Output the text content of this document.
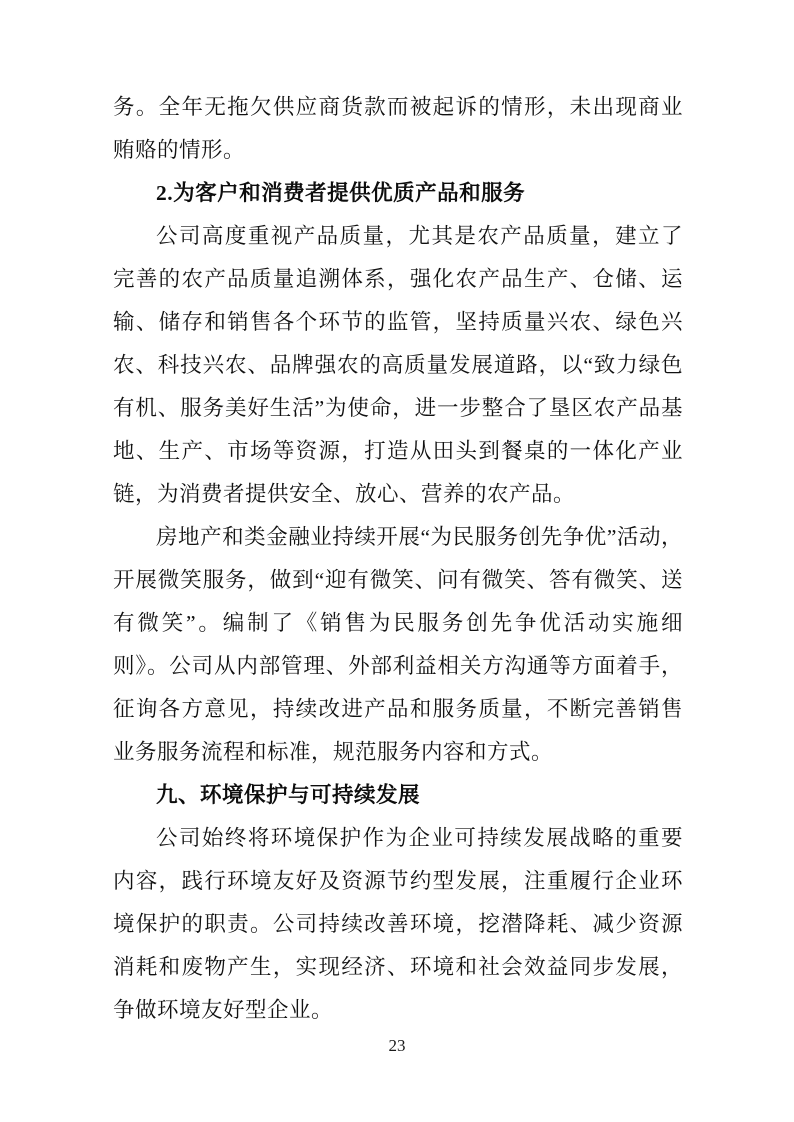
务。全年无拖欠供应商货款而被起诉的情形，未出现商业贿赂的情形。

2.为客户和消费者提供优质产品和服务

公司高度重视产品质量，尤其是农产品质量，建立了完善的农产品质量追溯体系，强化农产品生产、仓储、运输、储存和销售各个环节的监管，坚持质量兴农、绿色兴农、科技兴农、品牌强农的高质量发展道路，以“致力绿色有机、服务美好生活”为使命，进一步整合了垦区农产品基地、生产、市场等资源，打造从田头到餐桌的一体化产业链，为消费者提供安全、放心、营养的农产品。

房地产和类金融业持续开展“为民服务创先争优”活动，开展微笑服务，做到“迎有微笑、问有微笑、答有微笑、送有微笑”。编制了《销售为民服务创先争优活动实施细则》。公司从内部管理、外部利益相关方沟通等方面着手，征询各方意见，持续改进产品和服务质量，不断完善销售业务服务流程和标准，规范服务内容和方式。

九、环境保护与可持续发展

公司始终将环境保护作为企业可持续发展战略的重要内容，践行环境友好及资源节约型发展，注重履行企业环境保护的职责。公司持续改善环境，挖潜降耗、减少资源消耗和废物产生，实现经济、环境和社会效益同步发展，争做环境友好型企业。

23
